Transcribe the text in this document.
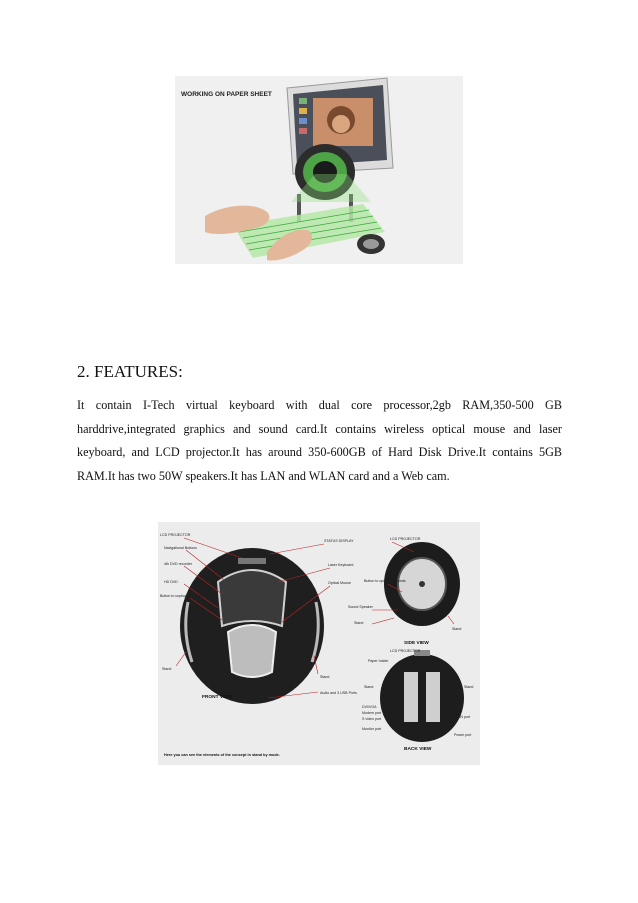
WORKING ON PAPER SHEET
2. FEATURES:

It contain I-Tech virtual keyboard with dual core processor,2gb RAM,350-500 GB harddrive,integrated graphics and sound card.It contains wireless optical mouse and laser keyboard, and LCD projector.It has around 350-600GB of Hard Disk Drive.It contains 5GB RAM.It has two 50W speakers.It has LAN and WLAN card and a Web cam.

LCD PROJECTOR
Navigational Buttons
4th DVD recorder
HD DVD
Button to unplug the Mouse
STATUS DISPLAY
Laser Keyboard
Optical Mouse
Stand
Stand
Audio and 3 USB Ports
LCD PROJECTOR
Button to open the Stands
Sound Speaker
Stand
Stand
LCD PROJECTOR
Paper holder
Stand	Stand
DVI/VGA
Modem port
S video port
Monitor port
LAN port
Power port
FRONT VIEW
SIDE VIEW
BACK VIEW
Here you can see the elements of the concept in stand by mode.
